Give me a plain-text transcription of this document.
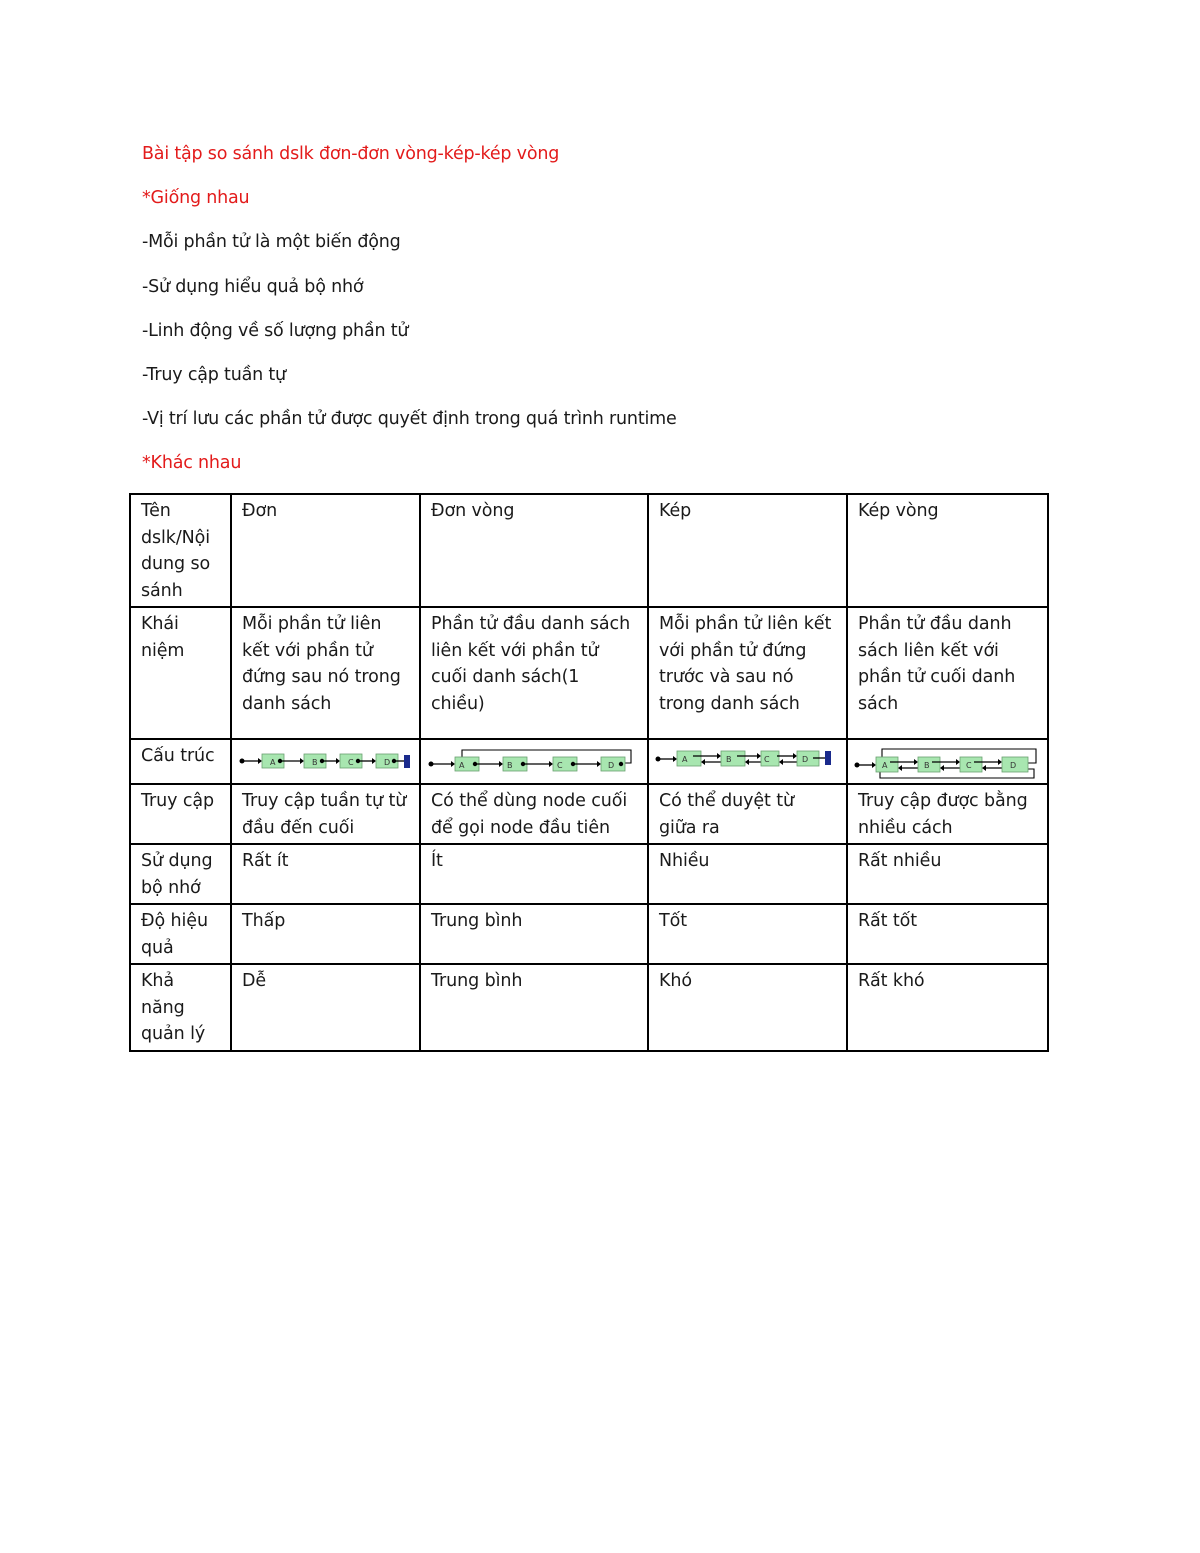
Bài tập so sánh dslk đơn-đơn vòng-kép-kép vòng
*Giống nhau
-Mỗi phần tử là một biến động
-Sử dụng hiểu quả bộ nhớ
-Linh động về số lượng phần tử
-Truy cập tuần tự
-Vị trí lưu các phần tử được quyết định trong quá trình runtime
*Khác nhau
Tên dslk/Nội dung so sánh	Đơn	Đơn vòng	Kép	Kép vòng
Khái niệm	Mỗi phần tử liên kết với phần tử đứng sau nó trong danh sách	Phần tử đầu danh sách liên kết với phần tử cuối danh sách(1 chiều)	Mỗi phần tử liên kết với phần tử đứng trước và sau nó trong danh sách	Phần tử đầu danh sách liên kết với phần tử cuối danh sách
Cấu trúc	A B C D	A B C D	A B C D	A B C D

Truy cập	Truy cập tuần tự từ đầu đến cuối	Có thể dùng node cuối để gọi node đầu tiên	Có thể duyệt từ giữa ra	Truy cập được bằng nhiều cách
Sử dụng bộ nhớ	Rất ít	Ít	Nhiều	Rất nhiều
Độ hiệu quả	Thấp	Trung bình	Tốt	Rất tốt
Khả năng quản lý	Dễ	Trung bình	Khó	Rất khó
